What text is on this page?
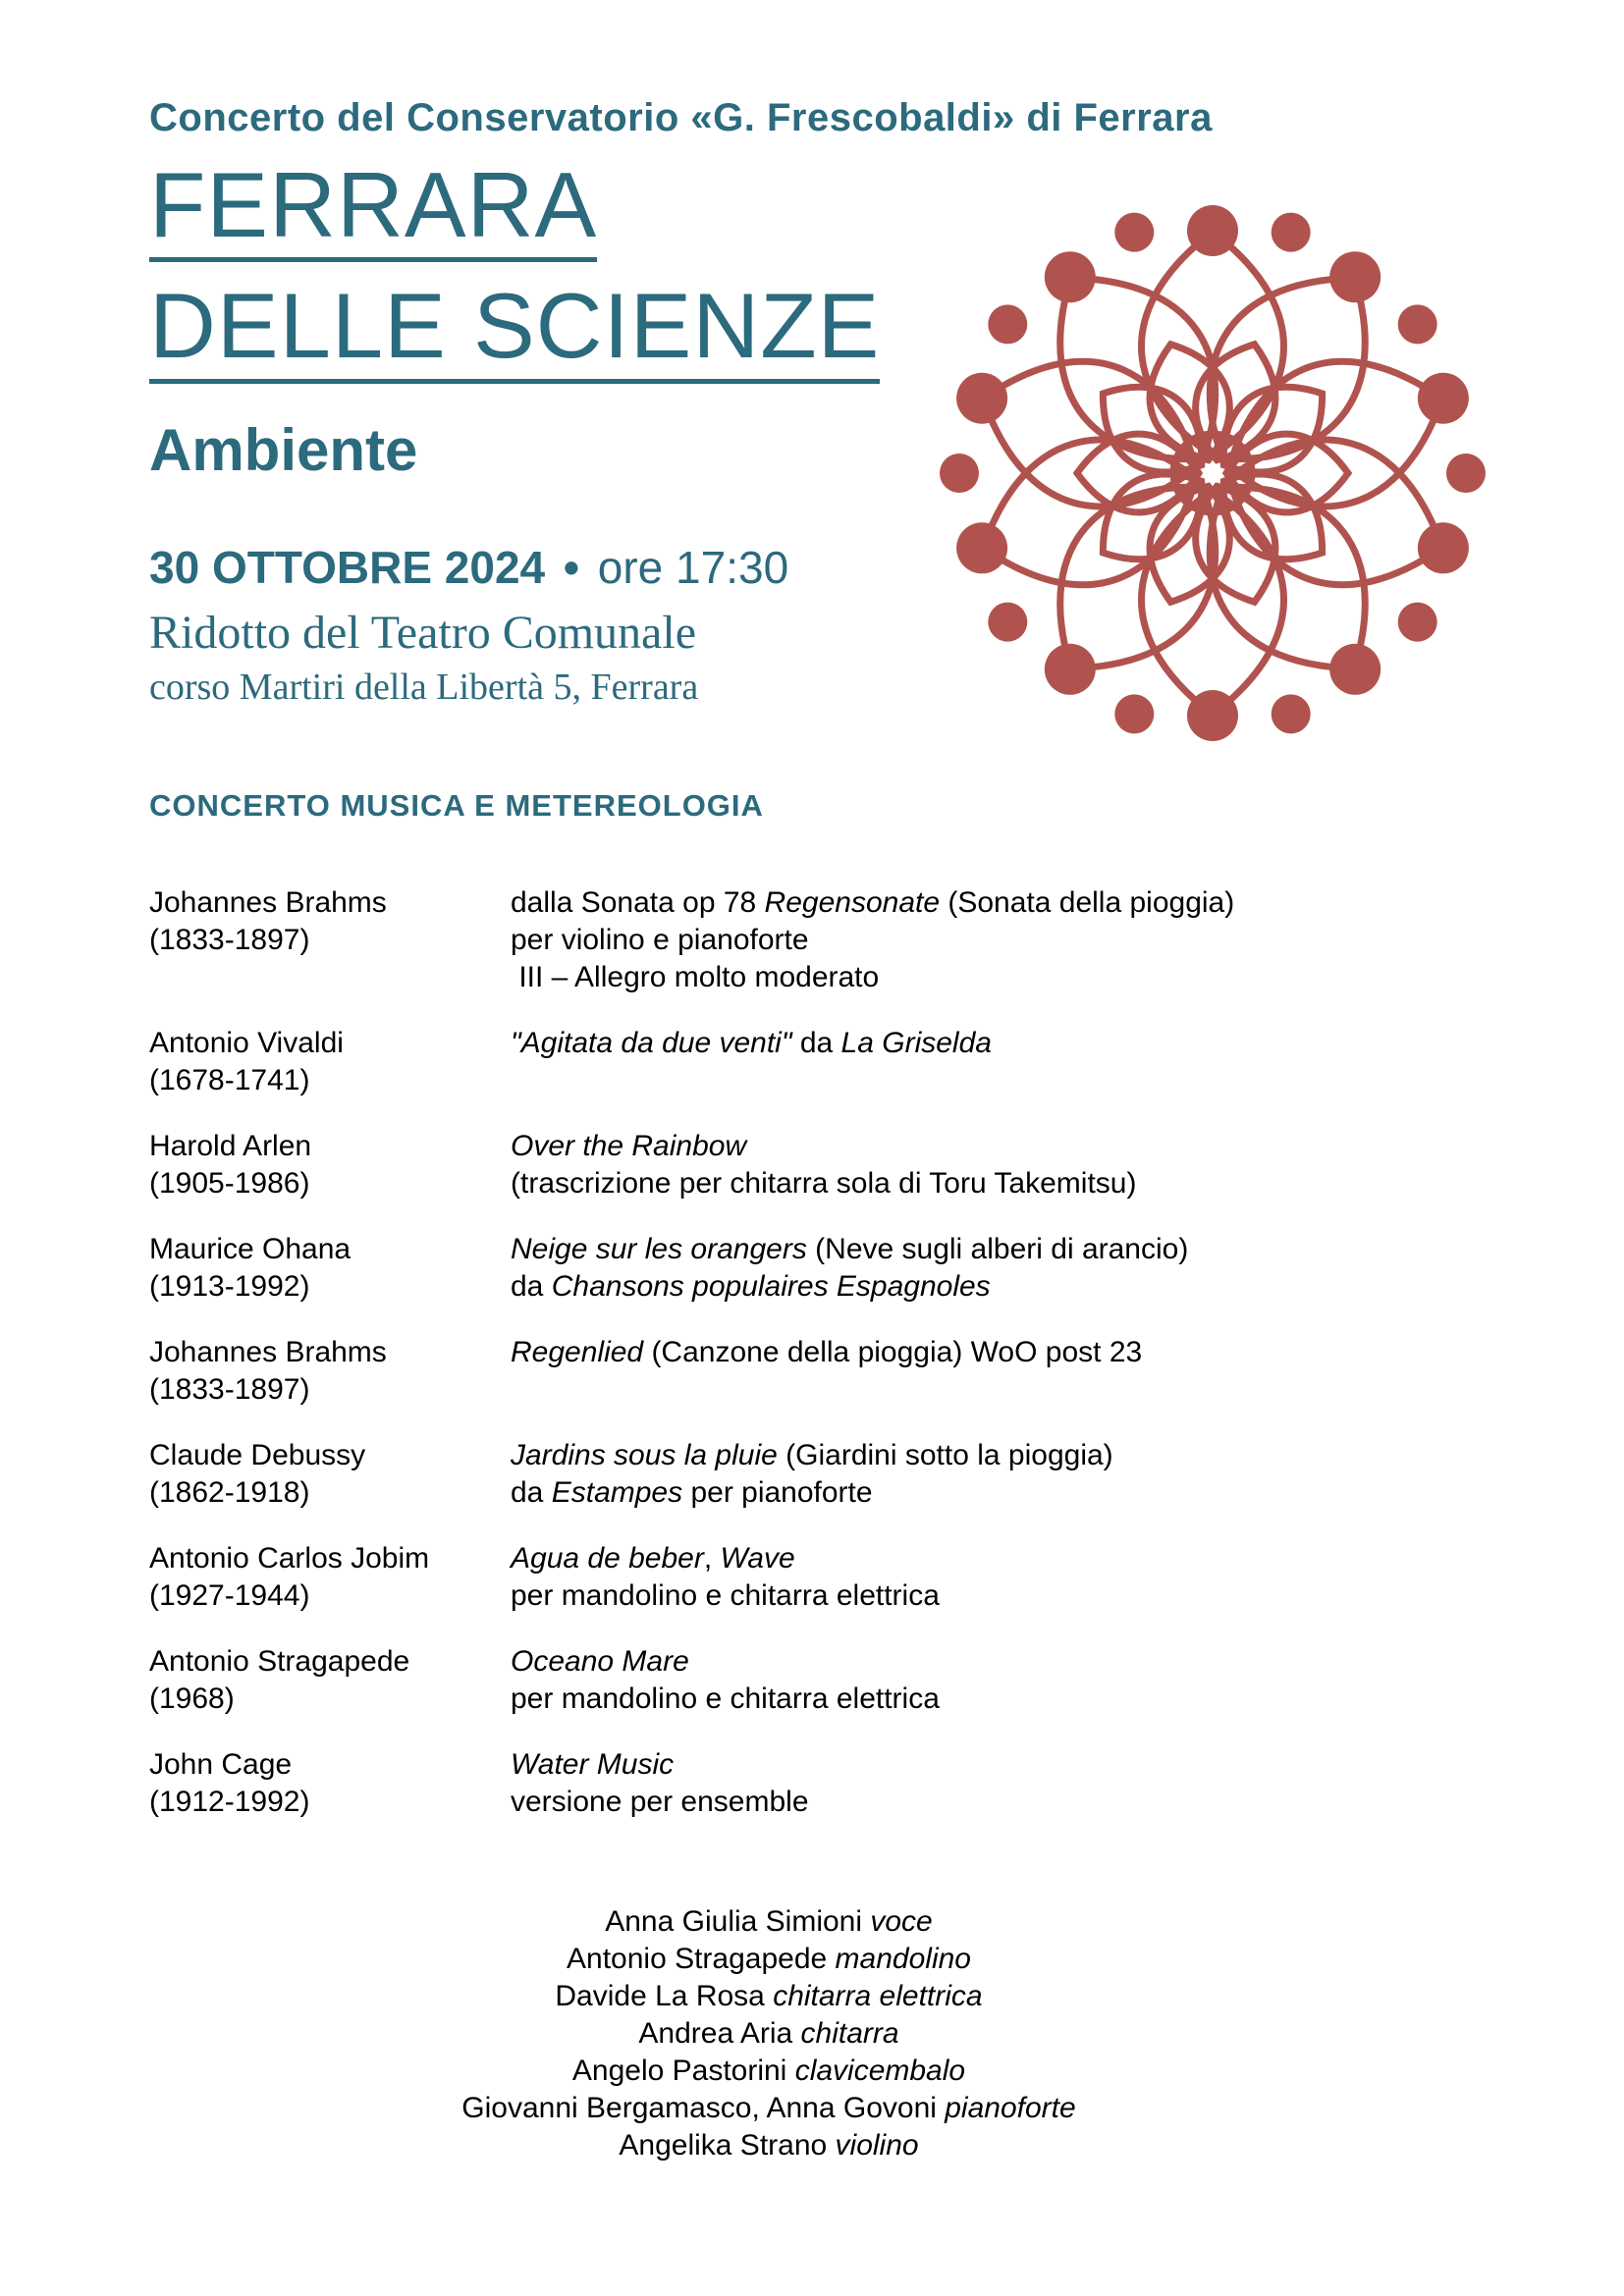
Concerto del Conservatorio «G. Frescobaldi» di Ferrara
FERRARA
DELLE SCIENZE
Ambiente
30 OTTOBRE 2024 • ore 17:30
Ridotto del Teatro Comunale
corso Martiri della Libertà 5, Ferrara
CONCERTO MUSICA E METEREOLOGIA
Johannes Brahms
(1833-1897)
dalla Sonata op 78 Regensonate (Sonata della pioggia)
per violino e pianoforte
III – Allegro molto moderato
Antonio Vivaldi
(1678-1741)
"Agitata da due venti" da La Griselda
Harold Arlen
(1905-1986)
Over the Rainbow
(trascrizione per chitarra sola di Toru Takemitsu)
Maurice Ohana
(1913-1992)
Neige sur les orangers (Neve sugli alberi di arancio)
da Chansons populaires Espagnoles
Johannes Brahms
(1833-1897)
Regenlied (Canzone della pioggia) WoO post 23
Claude Debussy
(1862-1918)
Jardins sous la pluie (Giardini sotto la pioggia)
da Estampes per pianoforte
Antonio Carlos Jobim
(1927-1944)
Agua de beber, Wave
per mandolino e chitarra elettrica
Antonio Stragapede
(1968)
Oceano Mare
per mandolino e chitarra elettrica
John Cage
(1912-1992)
Water Music
versione per ensemble
Anna Giulia Simioni voce
Antonio Stragapede mandolino
Davide La Rosa chitarra elettrica
Andrea Aria chitarra
Angelo Pastorini clavicembalo
Giovanni Bergamasco, Anna Govoni pianoforte
Angelika Strano violino
